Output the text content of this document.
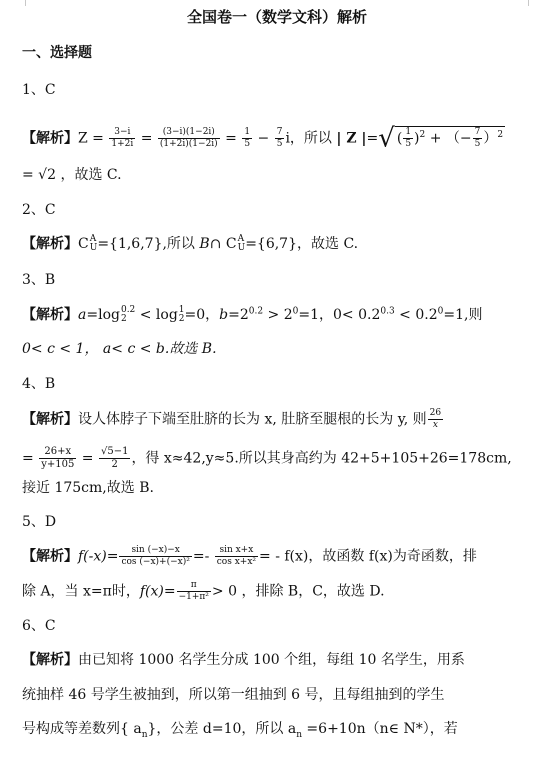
全国卷一（数学文科）解析
一、选择题
1、C
【解析】$Z = \frac{3-i}{1+2i} = \frac{(3-i)(1-2i)}{(1+2i)(1-2i)} = \frac{1}{5} - \frac{7}{5}$ i，所以 | Z |=√ ( $\frac{1}{5} )^2$ + （− $\frac{7}{5} )^2$
= √2 ，故选 C.
2、C
【解析】C A
U ={1,6,7},所以 B∩ C A
U ={6,7}，故选 C.
3、B
【解析】a=log 0.2
2 < log 1
2 =0，$b=2^{0.2} > 2^0=1$，$0< 0.2^{0.3} < 0.2^0=1$,则
0< c < 1， a< c < b.故选 B.
4、B
【解析】设人体脖子下端至肚脐的长为 x, 肚脐至腿根的长为 y, 则 $\frac{26}{x}$
= $\frac{26+x}{y+105} = \frac{√5-1}{2}$ ，得 x≈42,y≈5.所以其身高约为 42+5+105+26=178cm,
接近 175cm,故选 B.
5、D
【解析】$f(-x)= \frac{\sin (-x)-x}{\text{cos (−x)+(−x)²}} =- \frac{\text{sin x+x}}{\text{cos x+x²}}$ = - f(x)，故函数 f(x)为奇函数，排
除 A，当 x=π时，$f(x)= \frac{\pi}{\text{−1+π²}} > 0$ ，排除 B，C，故选 D.
6、C
【解析】由已知将 1000 名学生分成 100 个组，每组 10 名学生，用系
统抽样 46 号学生被抽到，所以第一组抽到 6 号，且每组抽到的学生
号构成等差数列{ $a_n$}，公差 d=10，所以 $a_n$ =6+10n（n∈ N*），若
